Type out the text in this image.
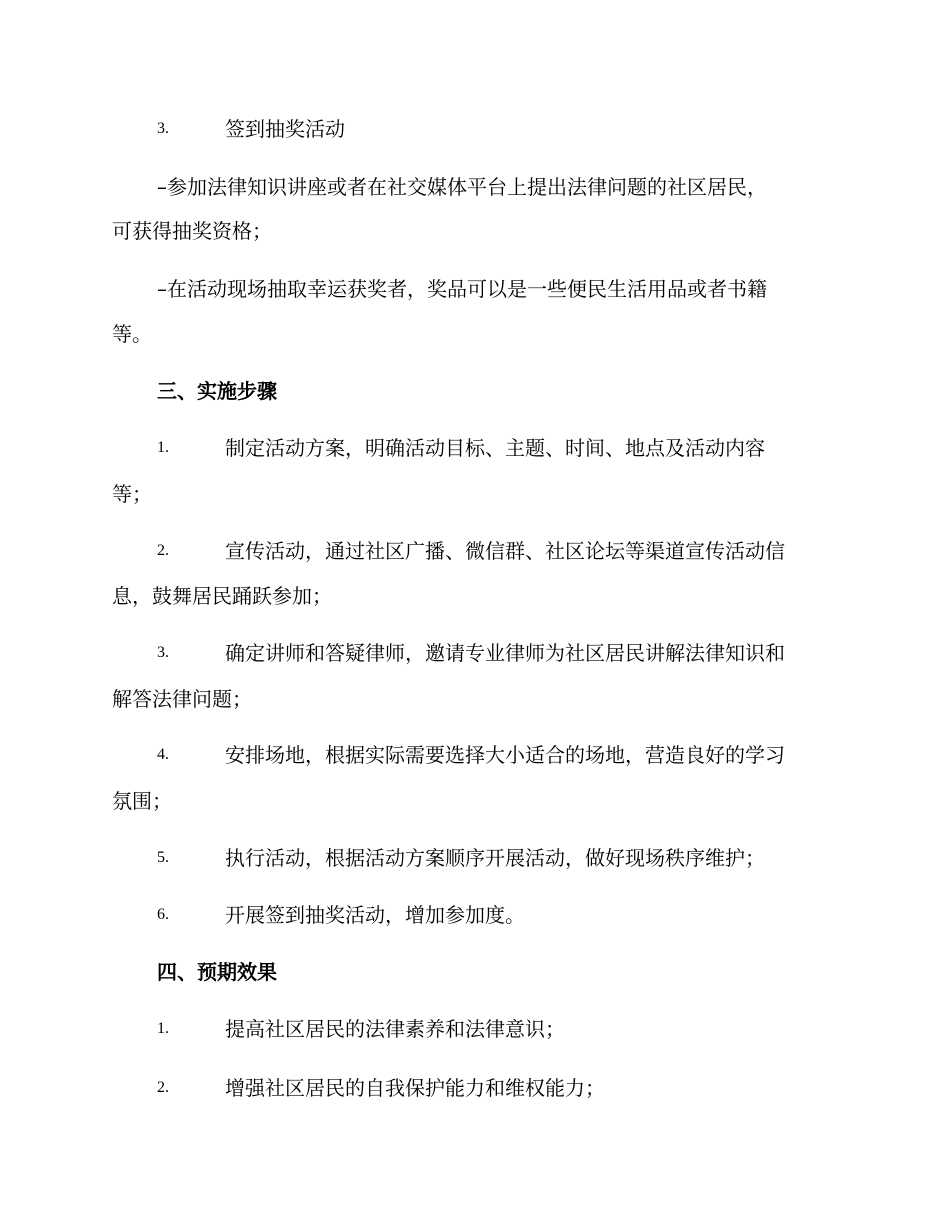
3.	签到抽奖活动
–参加法律知识讲座或者在社交媒体平台上提出法律问题的社区居民，
可获得抽奖资格；
–在活动现场抽取幸运获奖者，奖品可以是一些便民生活用品或者书籍
等。
三、实施步骤
1.	制定活动方案，明确活动目标、主题、时间、地点及活动内容
等；
2.	宣传活动，通过社区广播、微信群、社区论坛等渠道宣传活动信
息，鼓舞居民踊跃参加；
3.	确定讲师和答疑律师，邀请专业律师为社区居民讲解法律知识和
解答法律问题；
4.	安排场地，根据实际需要选择大小适合的场地，营造良好的学习
氛围；
5.	执行活动，根据活动方案顺序开展活动，做好现场秩序维护；
6.	开展签到抽奖活动，增加参加度。
四、预期效果
1.	提高社区居民的法律素养和法律意识；
2.	增强社区居民的自我保护能力和维权能力；
